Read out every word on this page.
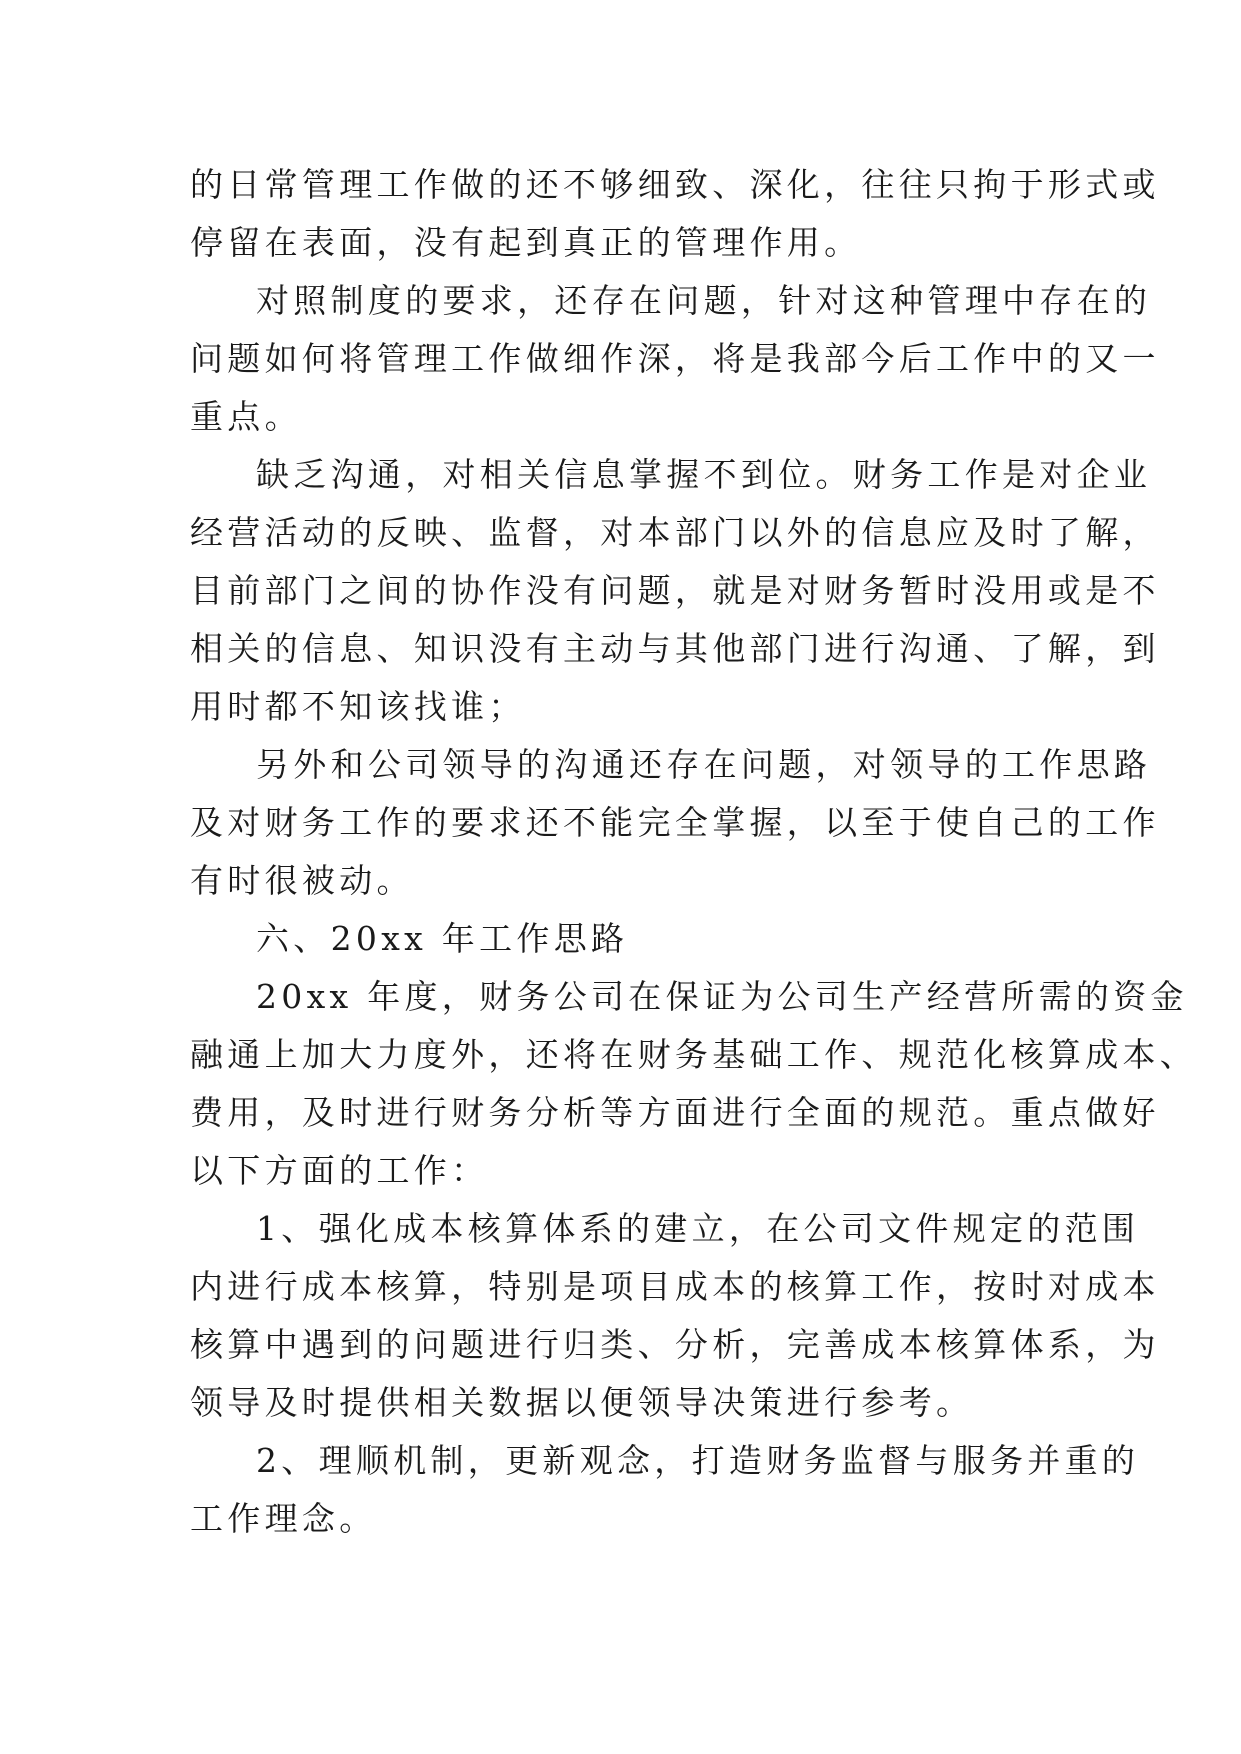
的日常管理工作做的还不够细致、深化，往往只拘于形式或
停留在表面，没有起到真正的管理作用。
对照制度的要求，还存在问题，针对这种管理中存在的
问题如何将管理工作做细作深，将是我部今后工作中的又一
重点。
缺乏沟通，对相关信息掌握不到位。财务工作是对企业
经营活动的反映、监督，对本部门以外的信息应及时了解，
目前部门之间的协作没有问题，就是对财务暂时没用或是不
相关的信息、知识没有主动与其他部门进行沟通、了解，到
用时都不知该找谁；
另外和公司领导的沟通还存在问题，对领导的工作思路
及对财务工作的要求还不能完全掌握，以至于使自己的工作
有时很被动。
六、20xx 年工作思路
20xx 年度，财务公司在保证为公司生产经营所需的资金
融通上加大力度外，还将在财务基础工作、规范化核算成本、
费用，及时进行财务分析等方面进行全面的规范。重点做好
以下方面的工作：
1、强化成本核算体系的建立，在公司文件规定的范围
内进行成本核算，特别是项目成本的核算工作，按时对成本
核算中遇到的问题进行归类、分析，完善成本核算体系，为
领导及时提供相关数据以便领导决策进行参考。
2、理顺机制，更新观念，打造财务监督与服务并重的
工作理念。
